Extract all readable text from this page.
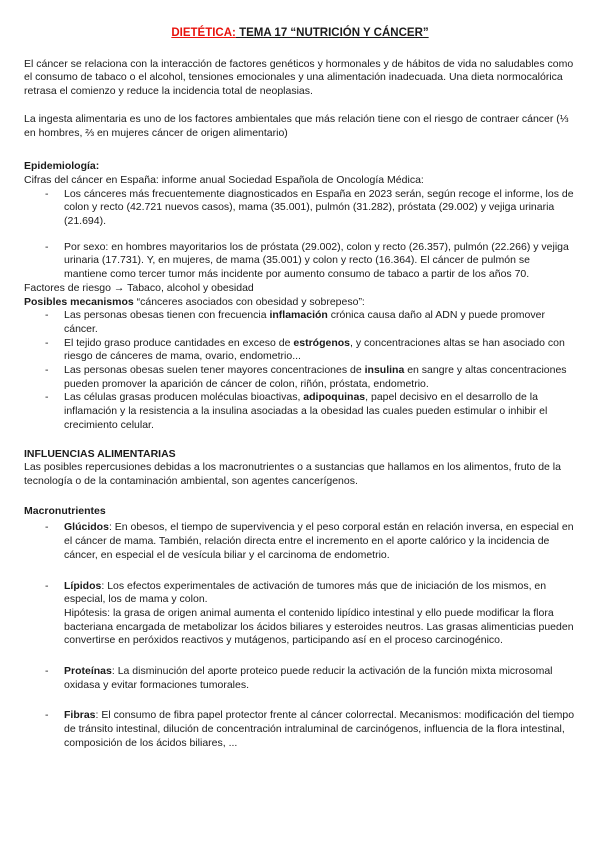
DIETÉTICA: TEMA 17 “NUTRICIÓN Y CÁNCER”

El cáncer se relaciona con la interacción de factores genéticos y hormonales y de hábitos de vida no saludables como el consumo de tabaco o el alcohol, tensiones emocionales y una alimentación inadecuada. Una dieta normocalórica retrasa el comienzo y reduce la incidencia total de neoplasias.

La ingesta alimentaria es uno de los factores ambientales que más relación tiene con el riesgo de contraer cáncer (⅓ en hombres, ⅔ en mujeres cáncer de origen alimentario)

Epidemiología:
Cifras del cáncer en España: informe anual Sociedad Española de Oncología Médica:
- Los cánceres más frecuentemente diagnosticados en España en 2023 serán, según recoge el informe, los de colon y recto (42.721 nuevos casos), mama (35.001), pulmón (31.282), próstata (29.002) y vejiga urinaria (21.694).
- Por sexo: en hombres mayoritarios los de próstata (29.002), colon y recto (26.357), pulmón (22.266) y vejiga urinaria (17.731). Y, en mujeres, de mama (35.001) y colon y recto (16.364). El cáncer de pulmón se mantiene como tercer tumor más incidente por aumento consumo de tabaco a partir de los años 70.
Factores de riesgo → Tabaco, alcohol y obesidad
Posibles mecanismos “cánceres asociados con obesidad y sobrepeso”:
- Las personas obesas tienen con frecuencia inflamación crónica causa daño al ADN y puede promover cáncer.
- El tejido graso produce cantidades en exceso de estrógenos, y concentraciones altas se han asociado con riesgo de cánceres de mama, ovario, endometrio...
- Las personas obesas suelen tener mayores concentraciones de insulina en sangre y altas concentraciones pueden promover la aparición de cáncer de colon, riñón, próstata, endometrio.
- Las células grasas producen moléculas bioactivas, adipoquinas, papel decisivo en el desarrollo de la inflamación y la resistencia a la insulina asociadas a la obesidad las cuales pueden estimular o inhibir el crecimiento celular.
INFLUENCIAS ALIMENTARIAS

Las posibles repercusiones debidas a los macronutrientes o a sustancias que hallamos en los alimentos, fruto de la tecnología o de la contaminación ambiental, son agentes cancerígenos.

Macronutrientes
- Glúcidos: En obesos, el tiempo de supervivencia y el peso corporal están en relación inversa, en especial en el cáncer de mama. También, relación directa entre el incremento en el aporte calórico y la incidencia de cáncer, en especial el de vesícula biliar y el carcinoma de endometrio.
- Lípidos: Los efectos experimentales de activación de tumores más que de iniciación de los mismos, en especial, los de mama y colon.
Hipótesis: la grasa de origen animal aumenta el contenido lipídico intestinal y ello puede modificar la flora bacteriana encargada de metabolizar los ácidos biliares y esteroides neutros. Las grasas alimenticias pueden convertirse en peróxidos reactivos y mutágenos, participando así en el proceso carcinogénico.
- Proteínas: La disminución del aporte proteico puede reducir la activación de la función mixta microsomal oxidasa y evitar formaciones tumorales.
- Fibras: El consumo de fibra papel protector frente al cáncer colorrectal. Mecanismos: modificación del tiempo de tránsito intestinal, dilución de concentración intraluminal de carcinógenos, influencia de la flora intestinal, composición de los ácidos biliares, ...
